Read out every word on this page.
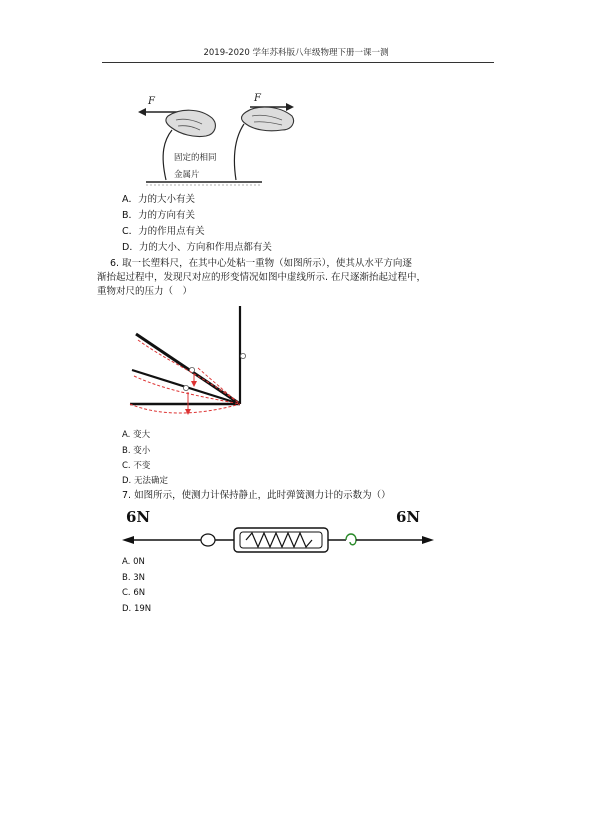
2019-2020 学年苏科版八年级物理下册一课一测
F	F
固定的相同
金属片
A．力的大小有关
B．力的方向有关
C．力的作用点有关
D．力的大小、方向和作用点都有关
6. 取一长塑料尺，在其中心处粘一重物（如图所示），使其从水平方向逐
渐抬起过程中，发现尺对应的形变情况如图中虚线所示. 在尺逐渐抬起过程中，
重物对尺的压力（　）
A. 变大
B. 变小
C. 不变
D. 无法确定
7. 如图所示，使测力计保持静止，此时弹簧测力计的示数为（）
6N	6N
A. 0N
B. 3N
C. 6N
D. 19N
